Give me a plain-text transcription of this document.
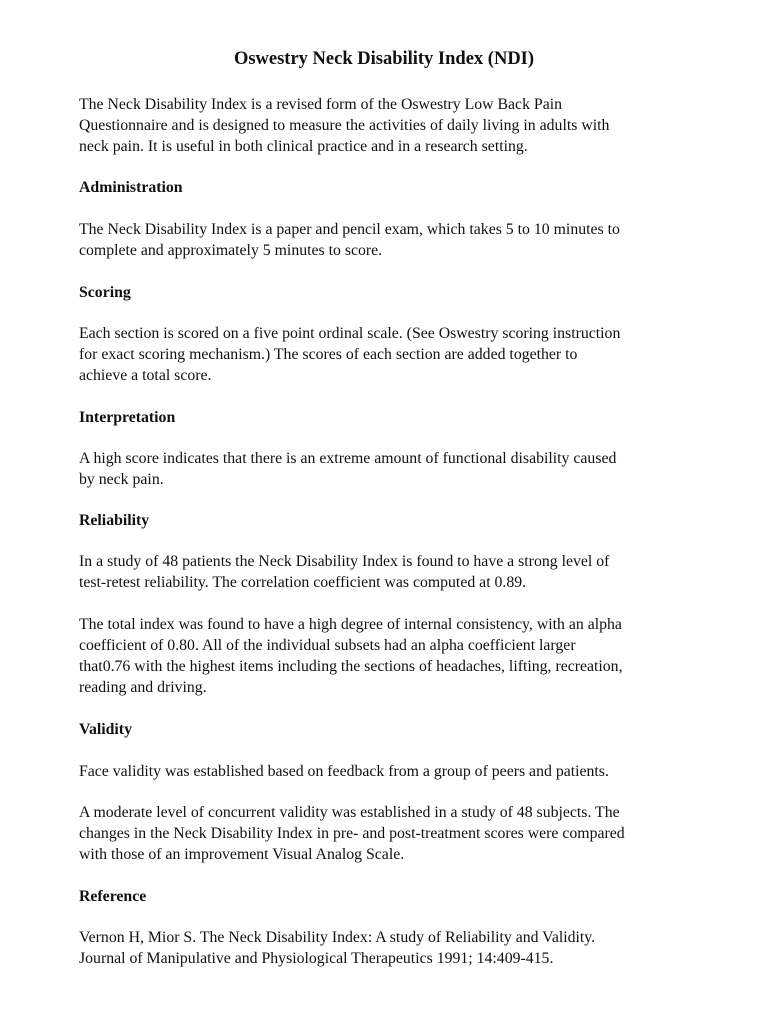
Oswestry Neck Disability Index (NDI)

The Neck Disability Index is a revised form of the Oswestry Low Back Pain
Questionnaire and is designed to measure the activities of daily living in adults with
neck pain. It is useful in both clinical practice and in a research setting.

Administration

The Neck Disability Index is a paper and pencil exam, which takes 5 to 10 minutes to
complete and approximately 5 minutes to score.

Scoring

Each section is scored on a five point ordinal scale. (See Oswestry scoring instruction
for exact scoring mechanism.) The scores of each section are added together to
achieve a total score.

Interpretation

A high score indicates that there is an extreme amount of functional disability caused
by neck pain.

Reliability

In a study of 48 patients the Neck Disability Index is found to have a strong level of
test-retest reliability. The correlation coefficient was computed at 0.89.

The total index was found to have a high degree of internal consistency, with an alpha
coefficient of 0.80. All of the individual subsets had an alpha coefficient larger
that0.76 with the highest items including the sections of headaches, lifting, recreation,
reading and driving.

Validity

Face validity was established based on feedback from a group of peers and patients.

A moderate level of concurrent validity was established in a study of 48 subjects. The
changes in the Neck Disability Index in pre- and post-treatment scores were compared
with those of an improvement Visual Analog Scale.

Reference

Vernon H, Mior S. The Neck Disability Index: A study of Reliability and Validity.
Journal of Manipulative and Physiological Therapeutics 1991; 14:409-415.
